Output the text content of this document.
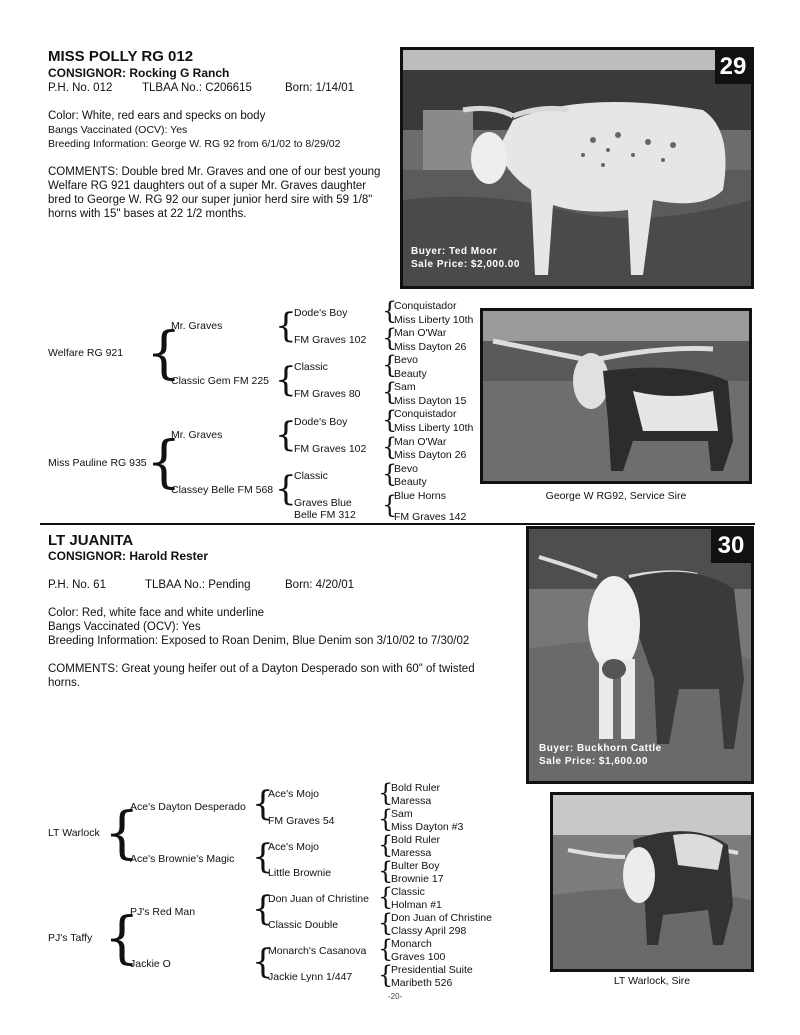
MISS POLLY RG 012
CONSIGNOR: Rocking G Ranch
P.H. No. 012	TLBAA No.: C206615	Born: 1/14/01
Color: White, red ears and specks on body
Bangs Vaccinated (OCV): Yes
Breeding Information: George W. RG 92 from 6/1/02 to 8/29/02
COMMENTS: Double bred Mr. Graves and one of our best young
Welfare RG 921 daughters out of a super Mr. Graves daughter
bred to George W. RG 92 our super junior herd sire with 59 1/8"
horns with 15" bases at 22 1/2 months.
29
Buyer: Ted Moor
Sale Price: $2,000.00
Welfare RG 921
Miss Pauline RG 935
{
{
Mr. Graves
Classic Gem FM 225
Mr. Graves
Classey Belle FM 568
{
{
{
{
Dode's Boy
FM Graves 102
Classic
FM Graves 80
Dode's Boy
FM Graves 102
Classic
Graves Blue
Belle FM 312
{
{
{
{
{
{
{
{
Conquistador
Miss Liberty 10th
Man O'War
Miss Dayton 26
Bevo
Beauty
Sam
Miss Dayton 15
Conquistador
Miss Liberty 10th
Man O'War
Miss Dayton 26
Bevo
Beauty
Blue Horns
FM Graves 142
George W RG92, Service Sire
LT JUANITA
CONSIGNOR: Harold Rester
P.H. No. 61	TLBAA No.: Pending	Born: 4/20/01
Color: Red, white face and white underline
Bangs Vaccinated (OCV): Yes
Breeding Information: Exposed to Roan Denim, Blue Denim son 3/10/02 to 7/30/02
COMMENTS: Great young heifer out of a Dayton Desperado son with 60" of twisted
horns.
30
Buyer: Buckhorn Cattle
Sale Price: $1,600.00
LT Warlock
PJ's Taffy
{
{
Ace's Dayton Desperado
Ace's Brownie's Magic
PJ's Red Man
Jackie O
{
{
{
{
Ace's Mojo
FM Graves 54
Ace's Mojo
Little Brownie
Don Juan of Christine
Classic Double
Monarch's Casanova
Jackie Lynn 1/447
{
{
{
{
{
{
{
{
Bold Ruler
Maressa
Sam
Miss Dayton #3
Bold Ruler
Maressa
Bulter Boy
Brownie 17
Classic
Holman #1
Don Juan of Christine
Classy April 298
Monarch
Graves 100
Presidential Suite
Maribeth 526	LT Warlock, Sire
-20-
